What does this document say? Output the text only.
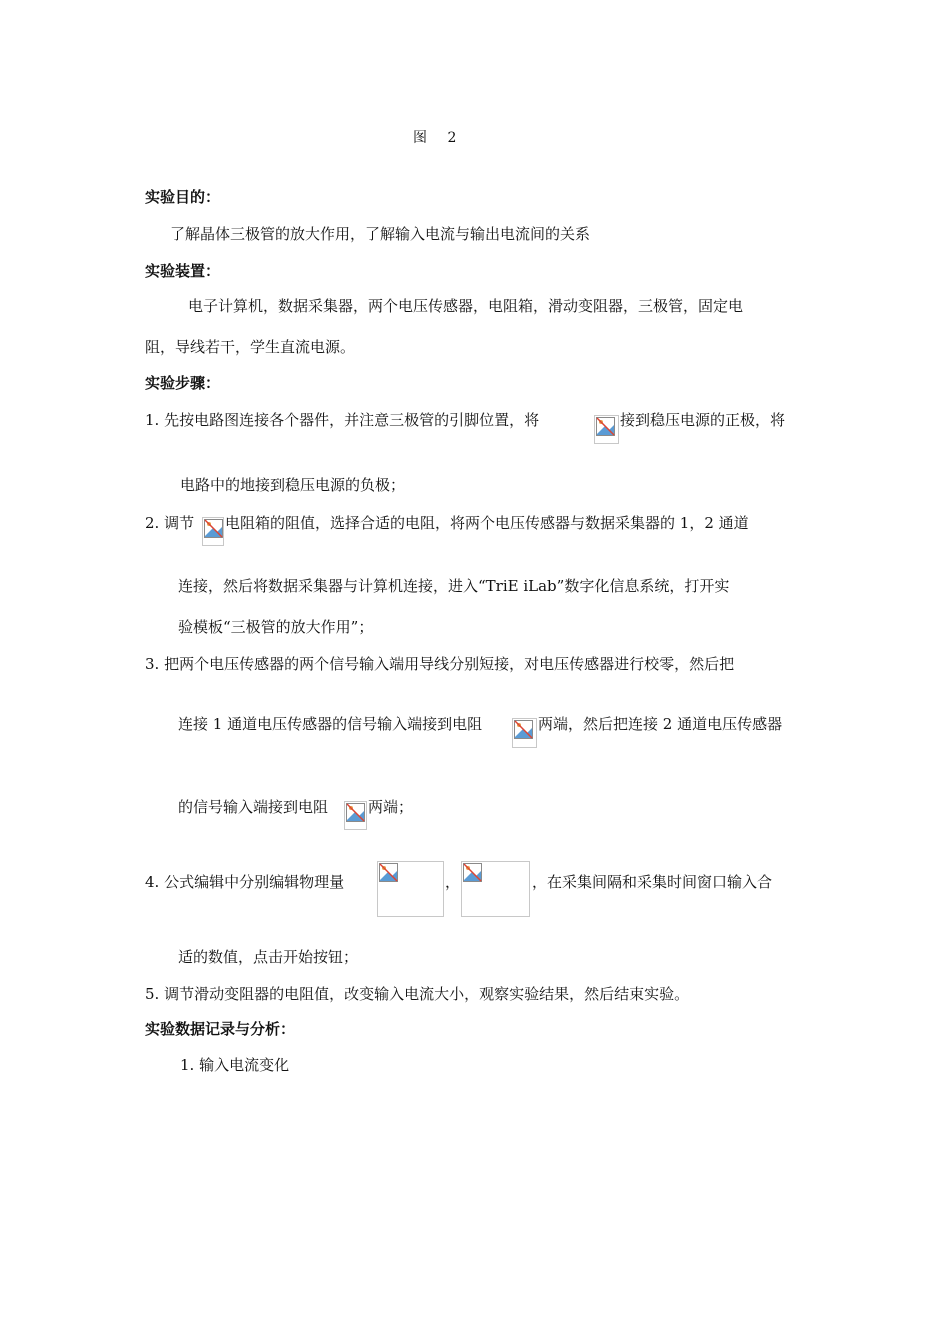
图 2
实验目的：
了解晶体三极管的放大作用，了解输入电流与输出电流间的关系
实验装置：
电子计算机，数据采集器，两个电压传感器，电阻箱，滑动变阻器，三极管，固定电
阻，导线若干，学生直流电源。
实验步骤：
1. 先按电路图连接各个器件，并注意三极管的引脚位置，将	接到稳压电源的正极，将
电路中的地接到稳压电源的负极；
2. 调节 电阻箱的阻值，选择合适的电阻，将两个电压传感器与数据采集器的 1，2 通道
连接，然后将数据采集器与计算机连接，进入“TriE iLab”数字化信息系统，打开实
验模板“三极管的放大作用”；
3. 把两个电压传感器的两个信号输入端用导线分别短接，对电压传感器进行校零，然后把
连接 1 通道电压传感器的信号输入端接到电阻	两端，然后把连接 2 通道电压传感器
的信号输入端接到电阻	两端；
4. 公式编辑中分别编辑物理量	，	，在采集间隔和采集时间窗口输入合
适的数值，点击开始按钮；
5. 调节滑动变阻器的电阻值，改变输入电流大小，观察实验结果，然后结束实验。
实验数据记录与分析：
1. 输入电流变化
